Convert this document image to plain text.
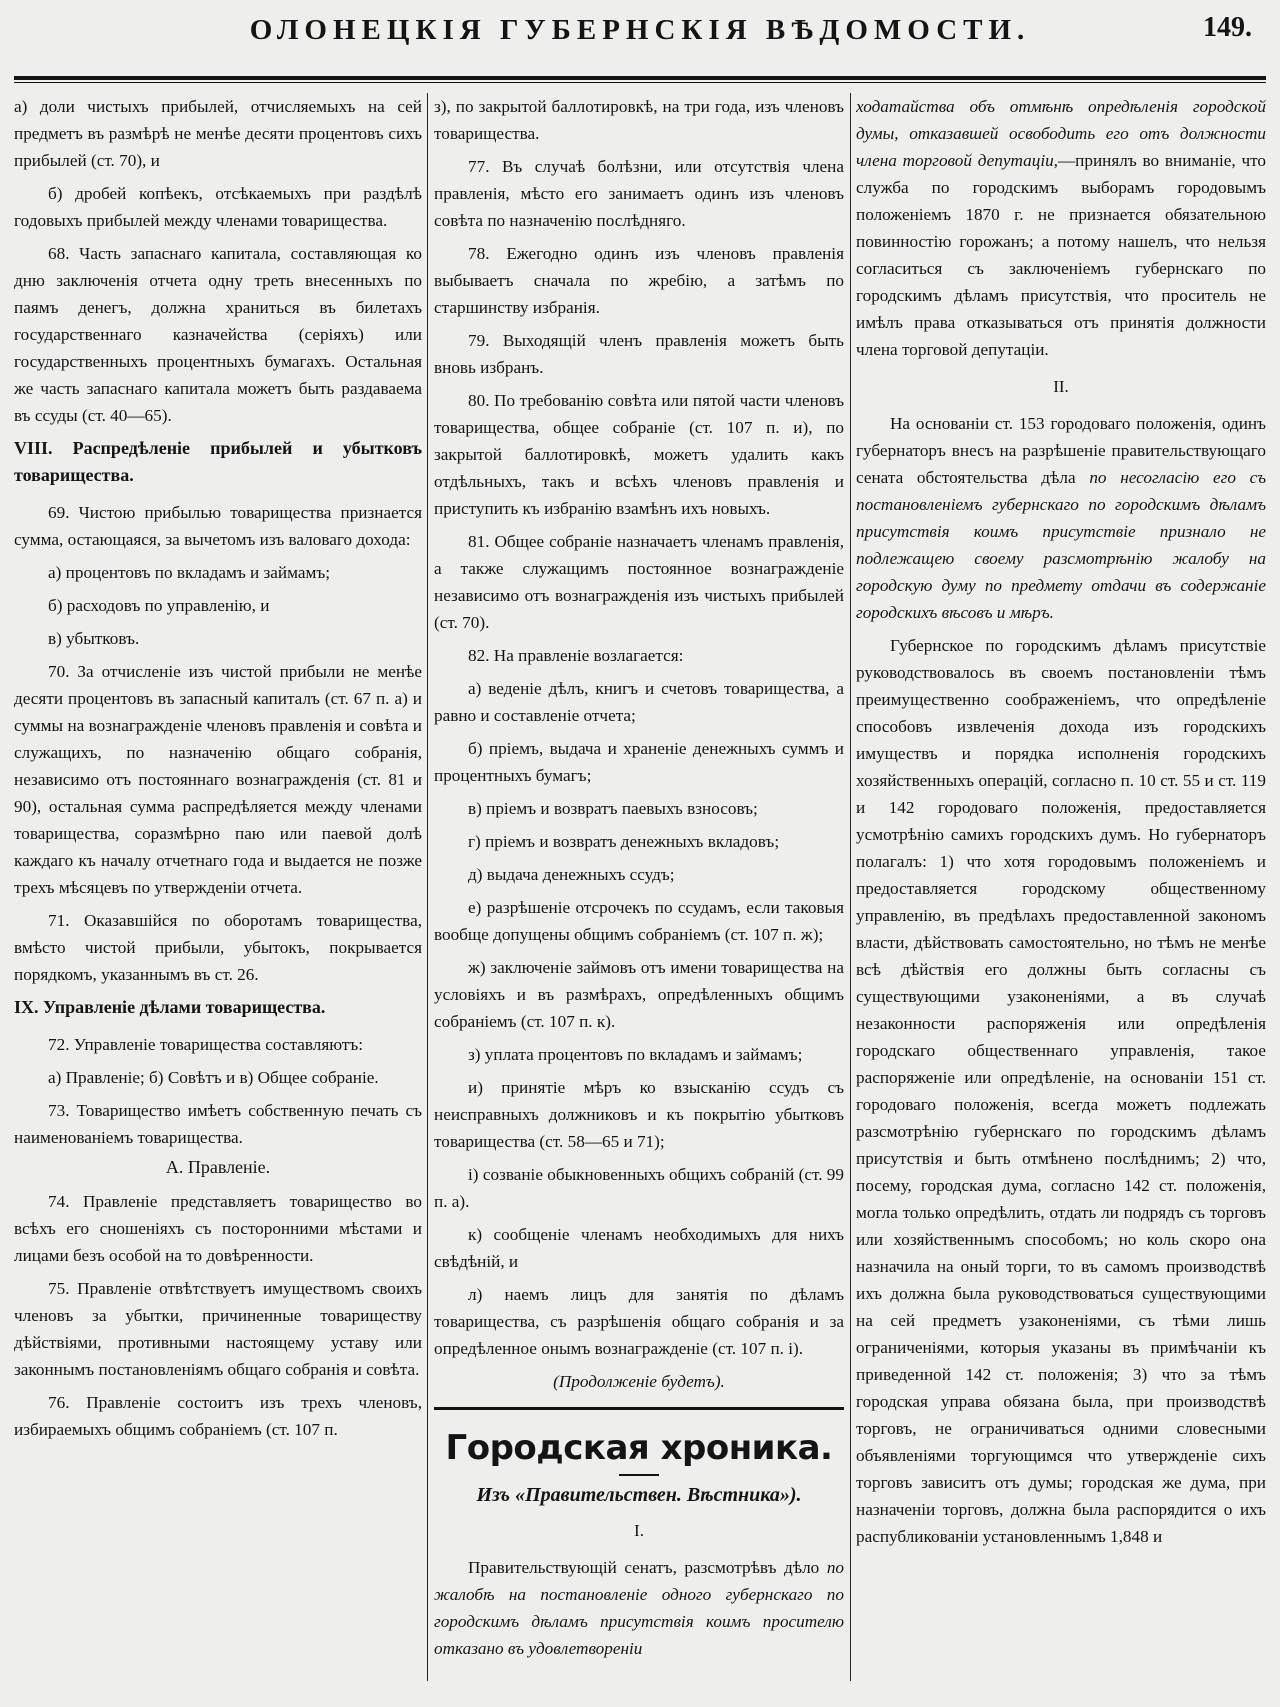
ОЛОНЕЦКІЯ ГУБЕРНСКІЯ ВѢДОМОСТИ.	149.

а) доли чистыхъ прибылей, отчисляемыхъ на сей предметъ въ размѣрѣ не менѣе десяти процентовъ сихъ прибылей (ст. 70), и

б) дробей копѣекъ, отсѣкаемыхъ при раздѣлѣ годовыхъ прибылей между членами товарищества.

68. Часть запаснаго капитала, составляющая ко дню заключенія отчета одну треть внесенныхъ по паямъ денегъ, должна храниться въ билетахъ государственнаго казначейства (серіяхъ) или государственныхъ процентныхъ бумагахъ. Остальная же часть запаснаго капитала можетъ быть раздаваема въ ссуды (ст. 40—65).

VIII. Распредѣленіе прибылей и убытковъ товарищества.

69. Чистою прибылью товарищества признается сумма, остающаяся, за вычетомъ изъ валоваго дохода:

а) процентовъ по вкладамъ и займамъ;

б) расходовъ по управленію, и

в) убытковъ.

70. За отчисленіе изъ чистой прибыли не менѣе десяти процентовъ въ запасный капиталъ (ст. 67 п. а) и суммы на вознагражденіе членовъ правленія и совѣта и служащихъ, по назначенію общаго собранія, независимо отъ постояннаго вознагражденія (ст. 81 и 90), остальная сумма распредѣляется между членами товарищества, соразмѣрно паю или паевой долѣ каждаго къ началу отчетнаго года и выдается не позже трехъ мѣсяцевъ по утвержденіи отчета.

71. Оказавшійся по оборотамъ товарищества, вмѣсто чистой прибыли, убытокъ, покрывается порядкомъ, указаннымъ въ ст. 26.

IX. Управленіе дѣлами товарищества.

72. Управленіе товарищества составляютъ:

а) Правленіе; б) Совѣтъ и в) Общее собраніе.

73. Товарищество имѣетъ собственную печать съ наименованіемъ товарищества.

А. Правленіе.

74. Правленіе представляетъ товарищество во всѣхъ его сношеніяхъ съ посторонними мѣстами и лицами безъ особой на то довѣренности.

75. Правленіе отвѣтствуетъ имуществомъ своихъ членовъ за убытки, причиненные товариществу дѣйствіями, противными настоящему уставу или законнымъ постановленіямъ общаго собранія и совѣта.

76. Правленіе состоитъ изъ трехъ членовъ, избираемыхъ общимъ собраніемъ (ст. 107 п.

з), по закрытой баллотировкѣ, на три года, изъ членовъ товарищества.

77. Въ случаѣ болѣзни, или отсутствія члена правленія, мѣсто его занимаетъ одинъ изъ членовъ совѣта по назначенію послѣдняго.

78. Ежегодно одинъ изъ членовъ правленія выбываетъ сначала по жребію, а затѣмъ по старшинству избранія.

79. Выходящій членъ правленія можетъ быть вновь избранъ.

80. По требованію совѣта или пятой части членовъ товарищества, общее собраніе (ст. 107 п. и), по закрытой баллотировкѣ, можетъ удалить какъ отдѣльныхъ, такъ и всѣхъ членовъ правленія и приступить къ избранію взамѣнъ ихъ новыхъ.

81. Общее собраніе назначаетъ членамъ правленія, а также служащимъ постоянное вознагражденіе независимо отъ вознагражденія изъ чистыхъ прибылей (ст. 70).

82. На правленіе возлагается:

а) веденіе дѣлъ, книгъ и счетовъ товарищества, а равно и составленіе отчета;

б) пріемъ, выдача и храненіе денежныхъ суммъ и процентныхъ бумагъ;

в) пріемъ и возвратъ паевыхъ взносовъ;

г) пріемъ и возвратъ денежныхъ вкладовъ;

д) выдача денежныхъ ссудъ;

е) разрѣшеніе отсрочекъ по ссудамъ, если таковыя вообще допущены общимъ собраніемъ (ст. 107 п. ж);

ж) заключеніе займовъ отъ имени товарищества на условіяхъ и въ размѣрахъ, опредѣленныхъ общимъ собраніемъ (ст. 107 п. к).

з) уплата процентовъ по вкладамъ и займамъ;

и) принятіе мѣръ ко взысканію ссудъ съ неисправныхъ должниковъ и къ покрытію убытковъ товарищества (ст. 58—65 и 71);

і) созваніе обыкновенныхъ общихъ собраній (ст. 99 п. а).

к) сообщеніе членамъ необходимыхъ для нихъ свѣдѣній, и

л) наемъ лицъ для занятія по дѣламъ товарищества, съ разрѣшенія общаго собранія и за опредѣленное онымъ вознагражденіе (ст. 107 п. і).

(Продолженіе будетъ).

Городская хроника.
Изъ «Правительствен. Вѣстника»).

I.

Правительствующій сенатъ, разсмотрѣвъ дѣло по жалобѣ на постановленіе одного губернскаго по городскимъ дѣламъ присутствія коимъ просителю отказано въ удовлетвореніи

ходатайства объ отмѣнѣ опредѣленія городской думы, отказавшей освободить его отъ должности члена торговой депутаціи,—принялъ во вниманіе, что служба по городскимъ выборамъ городовымъ положеніемъ 1870 г. не признается обязательною повинностію горожанъ; а потому нашелъ, что нельзя согласиться съ заключеніемъ губернскаго по городскимъ дѣламъ присутствія, что проситель не имѣлъ права отказываться отъ принятія должности члена торговой депутаціи.

II.

На основаніи ст. 153 городоваго положенія, одинъ губернаторъ внесъ на разрѣшеніе правительствующаго сената обстоятельства дѣла по несогласію его съ постановленіемъ губернскаго по городскимъ дѣламъ присутствія коимъ присутствіе признало не подлежащею своему разсмотрѣнію жалобу на городскую думу по предмету отдачи въ содержаніе городскихъ вѣсовъ и мѣръ.

Губернское по городскимъ дѣламъ присутствіе руководствовалось въ своемъ постановленіи тѣмъ преимущественно соображеніемъ, что опредѣленіе способовъ извлеченія дохода изъ городскихъ имуществъ и порядка исполненія городскихъ хозяйственныхъ операцій, согласно п. 10 ст. 55 и ст. 119 и 142 городоваго положенія, предоставляется усмотрѣнію самихъ городскихъ думъ. Но губернаторъ полагалъ: 1) что хотя городовымъ положеніемъ и предоставляется городскому общественному управленію, въ предѣлахъ предоставленной закономъ власти, дѣйствовать самостоятельно, но тѣмъ не менѣе всѣ дѣйствія его должны быть согласны съ существующими узаконеніями, а въ случаѣ незаконности распоряженія или опредѣленія городскаго общественнаго управленія, такое распоряженіе или опредѣленіе, на основаніи 151 ст. городоваго положенія, всегда можетъ подлежать разсмотрѣнію губернскаго по городскимъ дѣламъ присутствія и быть отмѣнено послѣднимъ; 2) что, посему, городская дума, согласно 142 ст. положенія, могла только опредѣлить, отдать ли подрядъ съ торговъ или хозяйственнымъ способомъ; но коль скоро она назначила на оный торги, то въ самомъ производствѣ ихъ должна была руководствоваться существующими на сей предметъ узаконеніями, съ тѣми лишь ограниченіями, которыя указаны въ примѣчаніи къ приведенной 142 ст. положенія; 3) что за тѣмъ городская управа обязана была, при производствѣ торговъ, не ограничиваться одними словесными объявленіями торгующимся что утвержденіе сихъ торговъ зависитъ отъ думы; городская же дума, при назначеніи торговъ, должна была распорядится о ихъ распубликованіи установленнымъ 1,848 и
